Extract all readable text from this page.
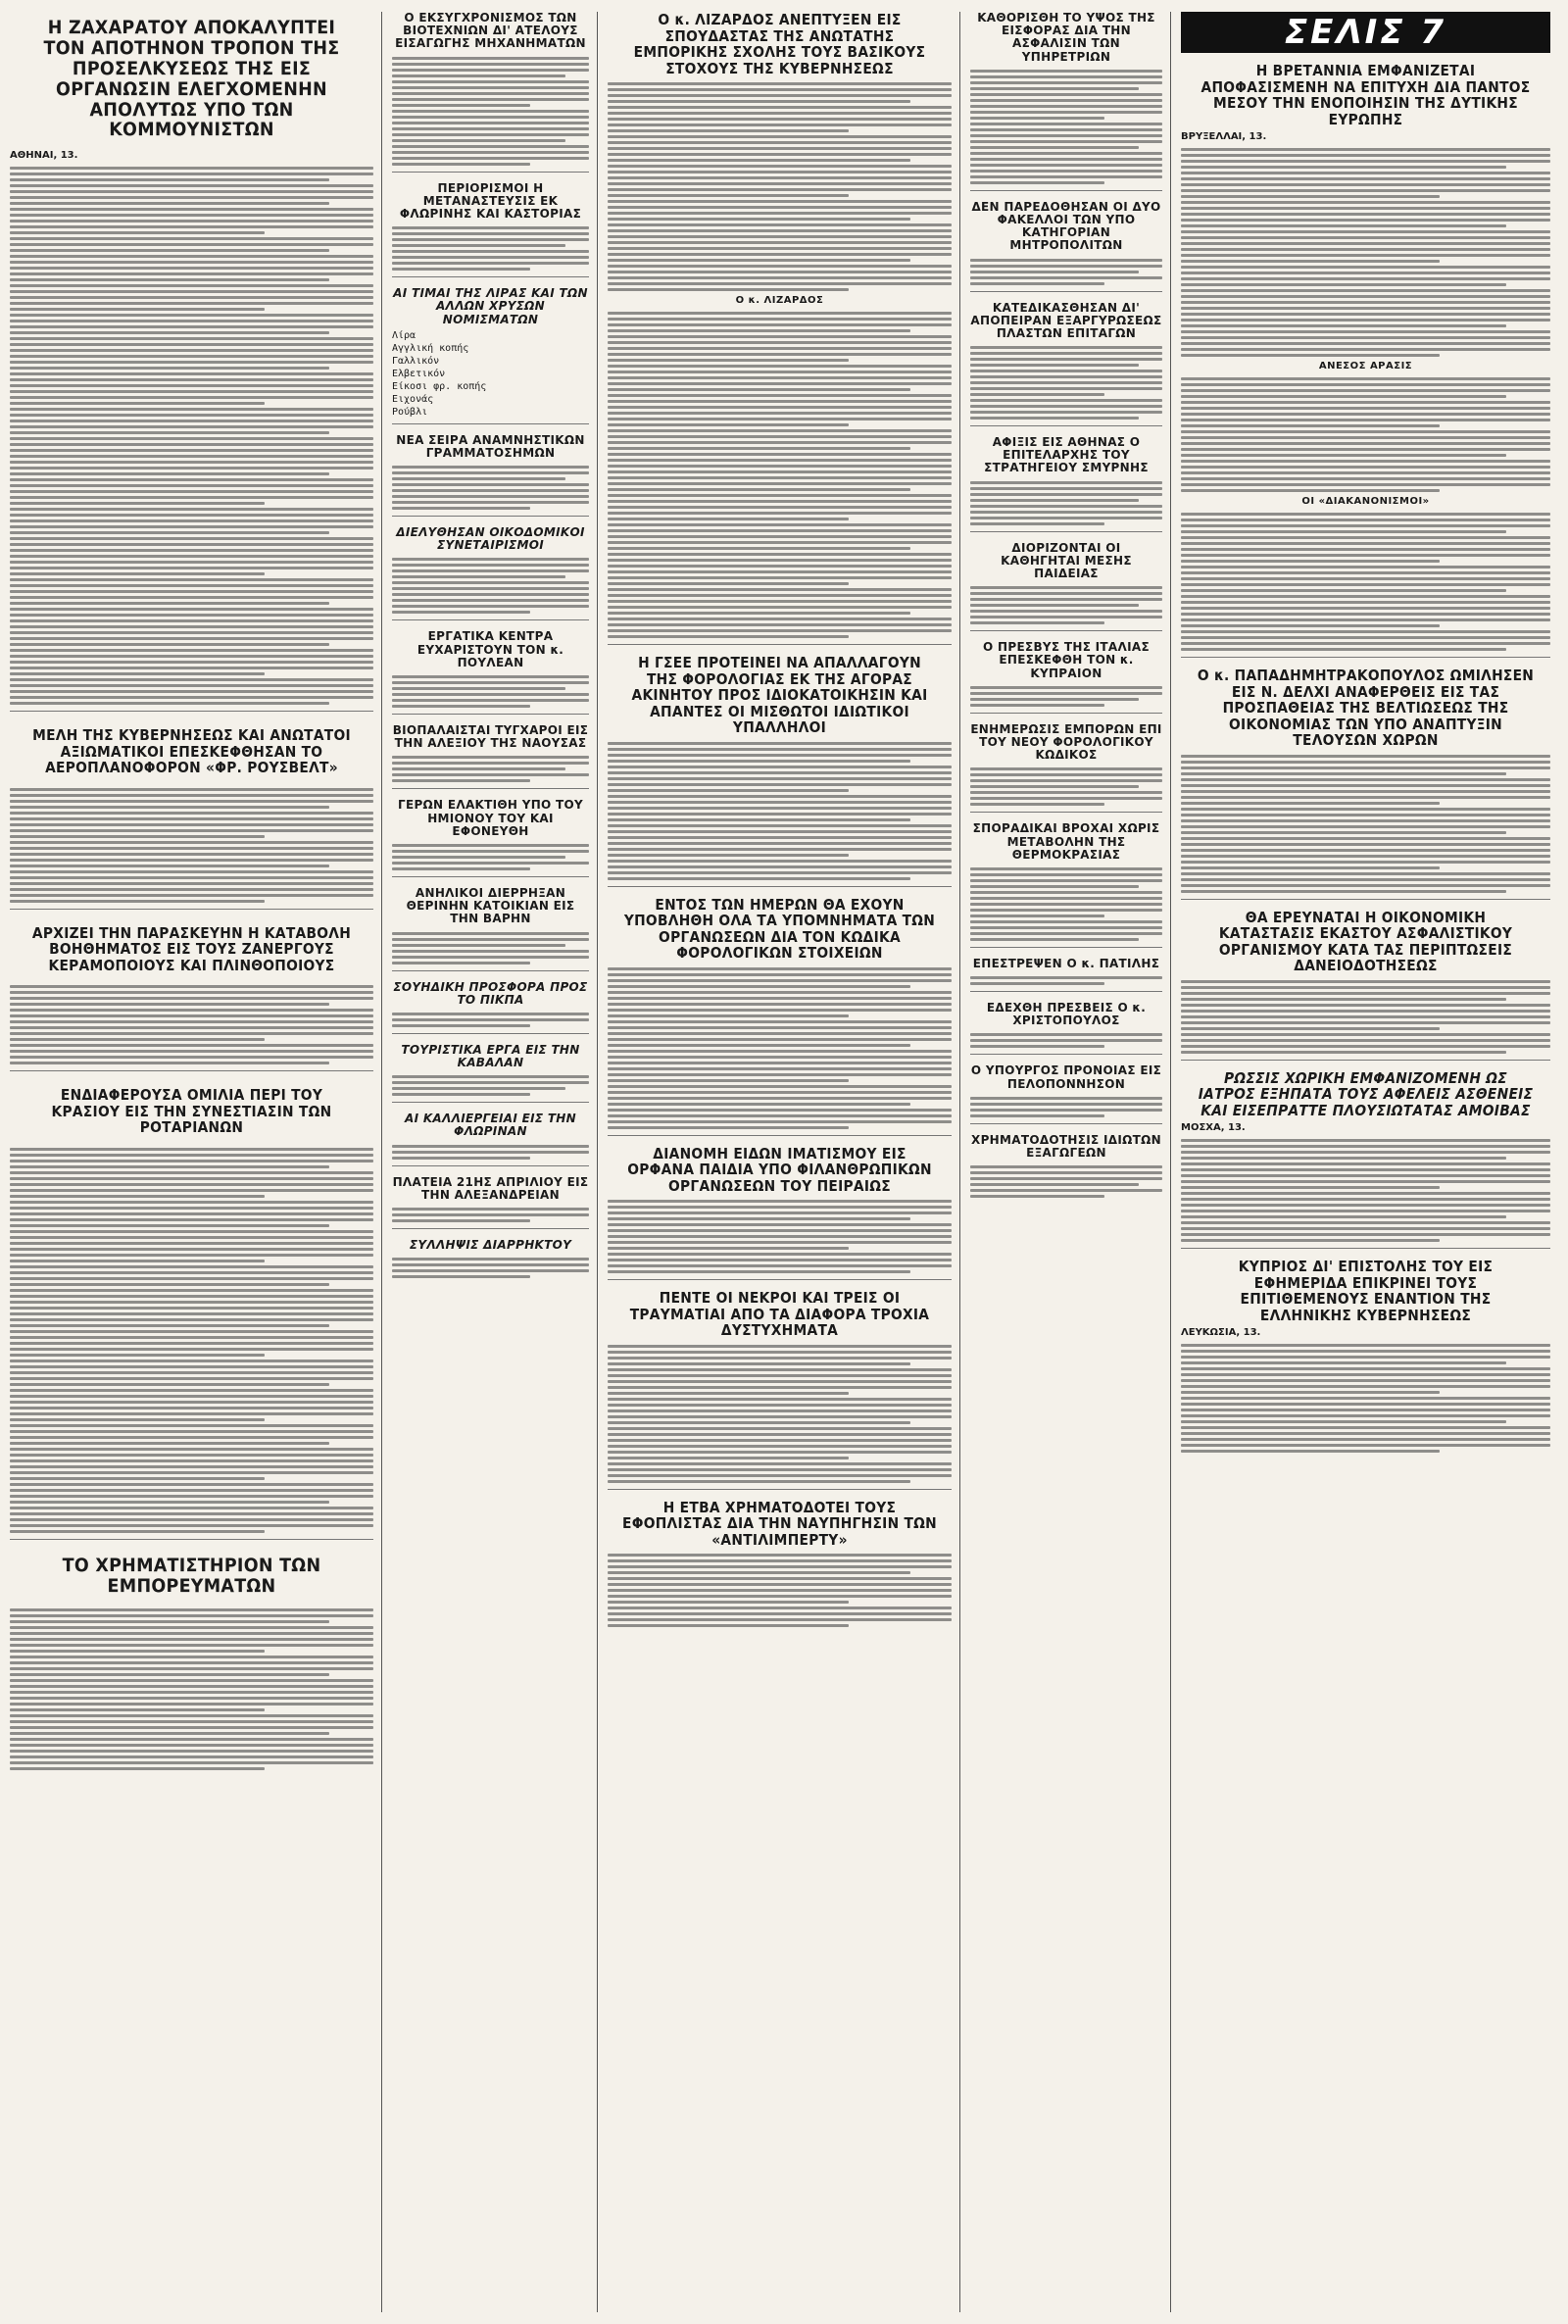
Η ΖΑΧΑΡΑΤΟΥ ΑΠΟΚΑΛΥΠΤΕΙ ΤΟΝ ΑΠΟΤΗΝΟΝ ΤΡΟΠΟΝ ΤΗΣ ΠΡΟΣΕΛΚΥΣΕΩΣ ΤΗΣ ΕΙΣ ΟΡΓΑΝΩΣΙΝ ΕΛΕΓΧΟΜΕΝΗΝ ΑΠΟΛΥΤΩΣ ΥΠΟ ΤΩΝ ΚΟΜΜΟΥΝΙΣΤΩΝ
ΑΘΗΝΑΙ, 13.
ΜΕΛΗ ΤΗΣ ΚΥΒΕΡΝΗΣΕΩΣ ΚΑΙ ΑΝΩΤΑΤΟΙ ΑΞΙΩΜΑΤΙΚΟΙ ΕΠΕΣΚΕΦΘΗΣΑΝ ΤΟ ΑΕΡΟΠΛΑΝΟΦΟΡΟΝ «ΦΡ. ΡΟΥΣΒΕΛΤ»
ΑΡΧΙΖΕΙ ΤΗΝ ΠΑΡΑΣΚΕΥΗΝ Η ΚΑΤΑΒΟΛΗ ΒΟΗΘΗΜΑΤΟΣ ΕΙΣ ΤΟΥΣ ΖΑΝΕΡΓΟΥΣ ΚΕΡΑΜΟΠΟΙΟΥΣ ΚΑΙ ΠΛΙΝΘΟΠΟΙΟΥΣ
ΕΝΔΙΑΦΕΡΟΥΣΑ ΟΜΙΛΙΑ ΠΕΡΙ ΤΟΥ ΚΡΑΣΙΟΥ ΕΙΣ ΤΗΝ ΣΥΝΕΣΤΙΑΣΙΝ ΤΩΝ ΡΟΤΑΡΙΑΝΩΝ
ΤΟ ΧΡΗΜΑΤΙΣΤΗΡΙΟΝ ΤΩΝ ΕΜΠΟΡΕΥΜΑΤΩΝ
Ο ΕΚΣΥΓΧΡΟΝΙΣΜΟΣ ΤΩΝ ΒΙΟΤΕΧΝΙΩΝ ΔΙ' ΑΤΕΛΟΥΣ ΕΙΣΑΓΩΓΗΣ ΜΗΧΑΝΗΜΑΤΩΝ
ΠΕΡΙΟΡΙΣΜΟΙ Η ΜΕΤΑΝΑΣΤΕΥΣΙΣ ΕΚ ΦΛΩΡΙΝΗΣ ΚΑΙ ΚΑΣΤΟΡΙΑΣ
ΑΙ ΤΙΜΑΙ ΤΗΣ ΛΙΡΑΣ ΚΑΙ ΤΩΝ ΑΛΛΩΝ ΧΡΥΣΩΝ ΝΟΜΙΣΜΑΤΩΝ
Λίρα
Αγγλική κοπής
Γαλλικόν
Ελβετικόν
Είκοσι φρ. κοπής
Ειχονάς
Ρούβλι
ΝΕΑ ΣΕΙΡΑ ΑΝΑΜΝΗΣΤΙΚΩΝ ΓΡΑΜΜΑΤΟΣΗΜΩΝ
ΔΙΕΛΥΘΗΣΑΝ ΟΙΚΟΔΟΜΙΚΟΙ ΣΥΝΕΤΑΙΡΙΣΜΟΙ
ΕΡΓΑΤΙΚΑ ΚΕΝΤΡΑ ΕΥΧΑΡΙΣΤΟΥΝ ΤΟΝ κ. ΠΟΥΛΕΑΝ
ΒΙΟΠΑΛΑΙΣΤΑΙ ΤΥΓΧΑΡΟΙ ΕΙΣ ΤΗΝ ΑΛΕΞΙΟΥ ΤΗΣ ΝΑΟΥΣΑΣ
ΓΕΡΩΝ ΕΛΑΚΤΙΘΗ ΥΠΟ ΤΟΥ ΗΜΙΟΝΟΥ ΤΟΥ ΚΑΙ ΕΦΟΝΕΥΘΗ
ΑΝΗΛΙΚΟΙ ΔΙΕΡΡΗΞΑΝ ΘΕΡΙΝΗΝ ΚΑΤΟΙΚΙΑΝ ΕΙΣ ΤΗΝ ΒΑΡΗΝ
ΣΟΥΗΔΙΚΗ ΠΡΟΣΦΟΡΑ ΠΡΟΣ ΤΟ ΠΙΚΠΑ
ΤΟΥΡΙΣΤΙΚΑ ΕΡΓΑ ΕΙΣ ΤΗΝ ΚΑΒΑΛΑΝ
ΑΙ ΚΑΛΛΙΕΡΓΕΙΑΙ ΕΙΣ ΤΗΝ ΦΛΩΡΙΝΑΝ
ΠΛΑΤΕΙΑ 21ΗΣ ΑΠΡΙΛΙΟΥ ΕΙΣ ΤΗΝ ΑΛΕΞΑΝΔΡΕΙΑΝ
ΣΥΛΛΗΨΙΣ ΔΙΑΡΡΗΚΤΟΥ
Ο κ. ΛΙΖΑΡΔΟΣ ΑΝΕΠΤΥΞΕΝ ΕΙΣ ΣΠΟΥΔΑΣΤΑΣ ΤΗΣ ΑΝΩΤΑΤΗΣ ΕΜΠΟΡΙΚΗΣ ΣΧΟΛΗΣ ΤΟΥΣ ΒΑΣΙΚΟΥΣ ΣΤΟΧΟΥΣ ΤΗΣ ΚΥΒΕΡΝΗΣΕΩΣ
Ο κ. ΛΙΖΑΡΔΟΣ
Η ΓΣΕΕ ΠΡΟΤΕΙΝΕΙ ΝΑ ΑΠΑΛΛΑΓΟΥΝ ΤΗΣ ΦΟΡΟΛΟΓΙΑΣ ΕΚ ΤΗΣ ΑΓΟΡΑΣ ΑΚΙΝΗΤΟΥ ΠΡΟΣ ΙΔΙΟΚΑΤΟΙΚΗΣΙΝ ΚΑΙ ΑΠΑΝΤΕΣ ΟΙ ΜΙΣΘΩΤΟΙ ΙΔΙΩΤΙΚΟΙ ΥΠΑΛΛΗΛΟΙ
ΕΝΤΟΣ ΤΩΝ ΗΜΕΡΩΝ ΘΑ ΕΧΟΥΝ ΥΠΟΒΛΗΘΗ ΟΛΑ ΤΑ ΥΠΟΜΝΗΜΑΤΑ ΤΩΝ ΟΡΓΑΝΩΣΕΩΝ ΔΙΑ ΤΟΝ ΚΩΔΙΚΑ ΦΟΡΟΛΟΓΙΚΩΝ ΣΤΟΙΧΕΙΩΝ
ΔΙΑΝΟΜΗ ΕΙΔΩΝ ΙΜΑΤΙΣΜΟΥ ΕΙΣ ΟΡΦΑΝΑ ΠΑΙΔΙΑ ΥΠΟ ΦΙΛΑΝΘΡΩΠΙΚΩΝ ΟΡΓΑΝΩΣΕΩΝ ΤΟΥ ΠΕΙΡΑΙΩΣ
ΠΕΝΤΕ ΟΙ ΝΕΚΡΟΙ ΚΑΙ ΤΡΕΙΣ ΟΙ ΤΡΑΥΜΑΤΙΑΙ ΑΠΟ ΤΑ ΔΙΑΦΟΡΑ ΤΡΟΧΙΑ ΔΥΣΤΥΧΗΜΑΤΑ
Η ΕΤΒΑ ΧΡΗΜΑΤΟΔΟΤΕΙ ΤΟΥΣ ΕΦΟΠΛΙΣΤΑΣ ΔΙΑ ΤΗΝ ΝΑΥΠΗΓΗΣΙΝ ΤΩΝ «ΑΝΤΙΛΙΜΠΕΡΤΥ»
ΚΑΘΟΡΙΣΘΗ ΤΟ ΥΨΟΣ ΤΗΣ ΕΙΣΦΟΡΑΣ ΔΙΑ ΤΗΝ ΑΣΦΑΛΙΣΙΝ ΤΩΝ ΥΠΗΡΕΤΡΙΩΝ
ΔΕΝ ΠΑΡΕΔΟΘΗΣΑΝ ΟΙ ΔΥΟ ΦΑΚΕΛΛΟΙ ΤΩΝ ΥΠΟ ΚΑΤΗΓΟΡΙΑΝ ΜΗΤΡΟΠΟΛΙΤΩΝ
ΚΑΤΕΔΙΚΑΣΘΗΣΑΝ ΔΙ' ΑΠΟΠΕΙΡΑΝ ΕΞΑΡΓΥΡΩΣΕΩΣ ΠΛΑΣΤΩΝ ΕΠΙΤΑΓΩΝ
ΑΦΙΞΙΣ ΕΙΣ ΑΘΗΝΑΣ Ο ΕΠΙΤΕΛΑΡΧΗΣ ΤΟΥ ΣΤΡΑΤΗΓΕΙΟΥ ΣΜΥΡΝΗΣ
ΔΙΟΡΙΖΟΝΤΑΙ ΟΙ ΚΑΘΗΓΗΤΑΙ ΜΕΣΗΣ ΠΑΙΔΕΙΑΣ
Ο ΠΡΕΣΒΥΣ ΤΗΣ ΙΤΑΛΙΑΣ ΕΠΕΣΚΕΦΘΗ ΤΟΝ κ. ΚΥΠΡΑΙΟΝ
ΕΝΗΜΕΡΩΣΙΣ ΕΜΠΟΡΩΝ ΕΠΙ ΤΟΥ ΝΕΟΥ ΦΟΡΟΛΟΓΙΚΟΥ ΚΩΔΙΚΟΣ
ΣΠΟΡΑΔΙΚΑΙ ΒΡΟΧΑΙ ΧΩΡΙΣ ΜΕΤΑΒΟΛΗΝ ΤΗΣ ΘΕΡΜΟΚΡΑΣΙΑΣ
ΕΠΕΣΤΡΕΨΕΝ Ο κ. ΠΑΤΙΛΗΣ
ΕΔΕΧΘΗ ΠΡΕΣΒΕΙΣ Ο κ. ΧΡΙΣΤΟΠΟΥΛΟΣ
Ο ΥΠΟΥΡΓΟΣ ΠΡΟΝΟΙΑΣ ΕΙΣ ΠΕΛΟΠΟΝΝΗΣΟΝ
ΧΡΗΜΑΤΟΔΟΤΗΣΙΣ ΙΔΙΩΤΩΝ ΕΞΑΓΩΓΕΩΝ
ΣΕΛΙΣ 7
Η ΒΡΕΤΑΝΝΙΑ ΕΜΦΑΝΙΖΕΤΑΙ ΑΠΟΦΑΣΙΣΜΕΝΗ ΝΑ ΕΠΙΤΥΧΗ ΔΙΑ ΠΑΝΤΟΣ ΜΕΣΟΥ ΤΗΝ ΕΝΟΠΟΙΗΣΙΝ ΤΗΣ ΔΥΤΙΚΗΣ ΕΥΡΩΠΗΣ
ΒΡΥΞΕΛΛΑΙ, 13.
ΑΝΕΣΟΣ ΑΡΑΣΙΣ
ΟΙ «ΔΙΑΚΑΝΟΝΙΣΜΟΙ»
Ο κ. ΠΑΠΑΔΗΜΗΤΡΑΚΟΠΟΥΛΟΣ ΩΜΙΛΗΣΕΝ ΕΙΣ Ν. ΔΕΛΧΙ ΑΝΑΦΕΡΘΕΙΣ ΕΙΣ ΤΑΣ ΠΡΟΣΠΑΘΕΙΑΣ ΤΗΣ ΒΕΛΤΙΩΣΕΩΣ ΤΗΣ ΟΙΚΟΝΟΜΙΑΣ ΤΩΝ ΥΠΟ ΑΝΑΠΤΥΞΙΝ ΤΕΛΟΥΣΩΝ ΧΩΡΩΝ
ΘΑ ΕΡΕΥΝΑΤΑΙ Η ΟΙΚΟΝΟΜΙΚΗ ΚΑΤΑΣΤΑΣΙΣ ΕΚΑΣΤΟΥ ΑΣΦΑΛΙΣΤΙΚΟΥ ΟΡΓΑΝΙΣΜΟΥ ΚΑΤΑ ΤΑΣ ΠΕΡΙΠΤΩΣΕΙΣ ΔΑΝΕΙΟΔΟΤΗΣΕΩΣ
ΡΩΣΣΙΣ ΧΩΡΙΚΗ ΕΜΦΑΝΙΖΟΜΕΝΗ ΩΣ ΙΑΤΡΟΣ ΕΞΗΠΑΤΑ ΤΟΥΣ ΑΦΕΛΕΙΣ ΑΣΘΕΝΕΙΣ ΚΑΙ ΕΙΣΕΠΡΑΤΤΕ ΠΛΟΥΣΙΩΤΑΤΑΣ ΑΜΟΙΒΑΣ
ΜΟΣΧΑ, 13.
ΚΥΠΡΙΟΣ ΔΙ' ΕΠΙΣΤΟΛΗΣ ΤΟΥ ΕΙΣ ΕΦΗΜΕΡΙΔΑ ΕΠΙΚΡΙΝΕΙ ΤΟΥΣ ΕΠΙΤΙΘΕΜΕΝΟΥΣ ΕΝΑΝΤΙΟΝ ΤΗΣ ΕΛΛΗΝΙΚΗΣ ΚΥΒΕΡΝΗΣΕΩΣ
ΛΕΥΚΩΣΙΑ, 13.
